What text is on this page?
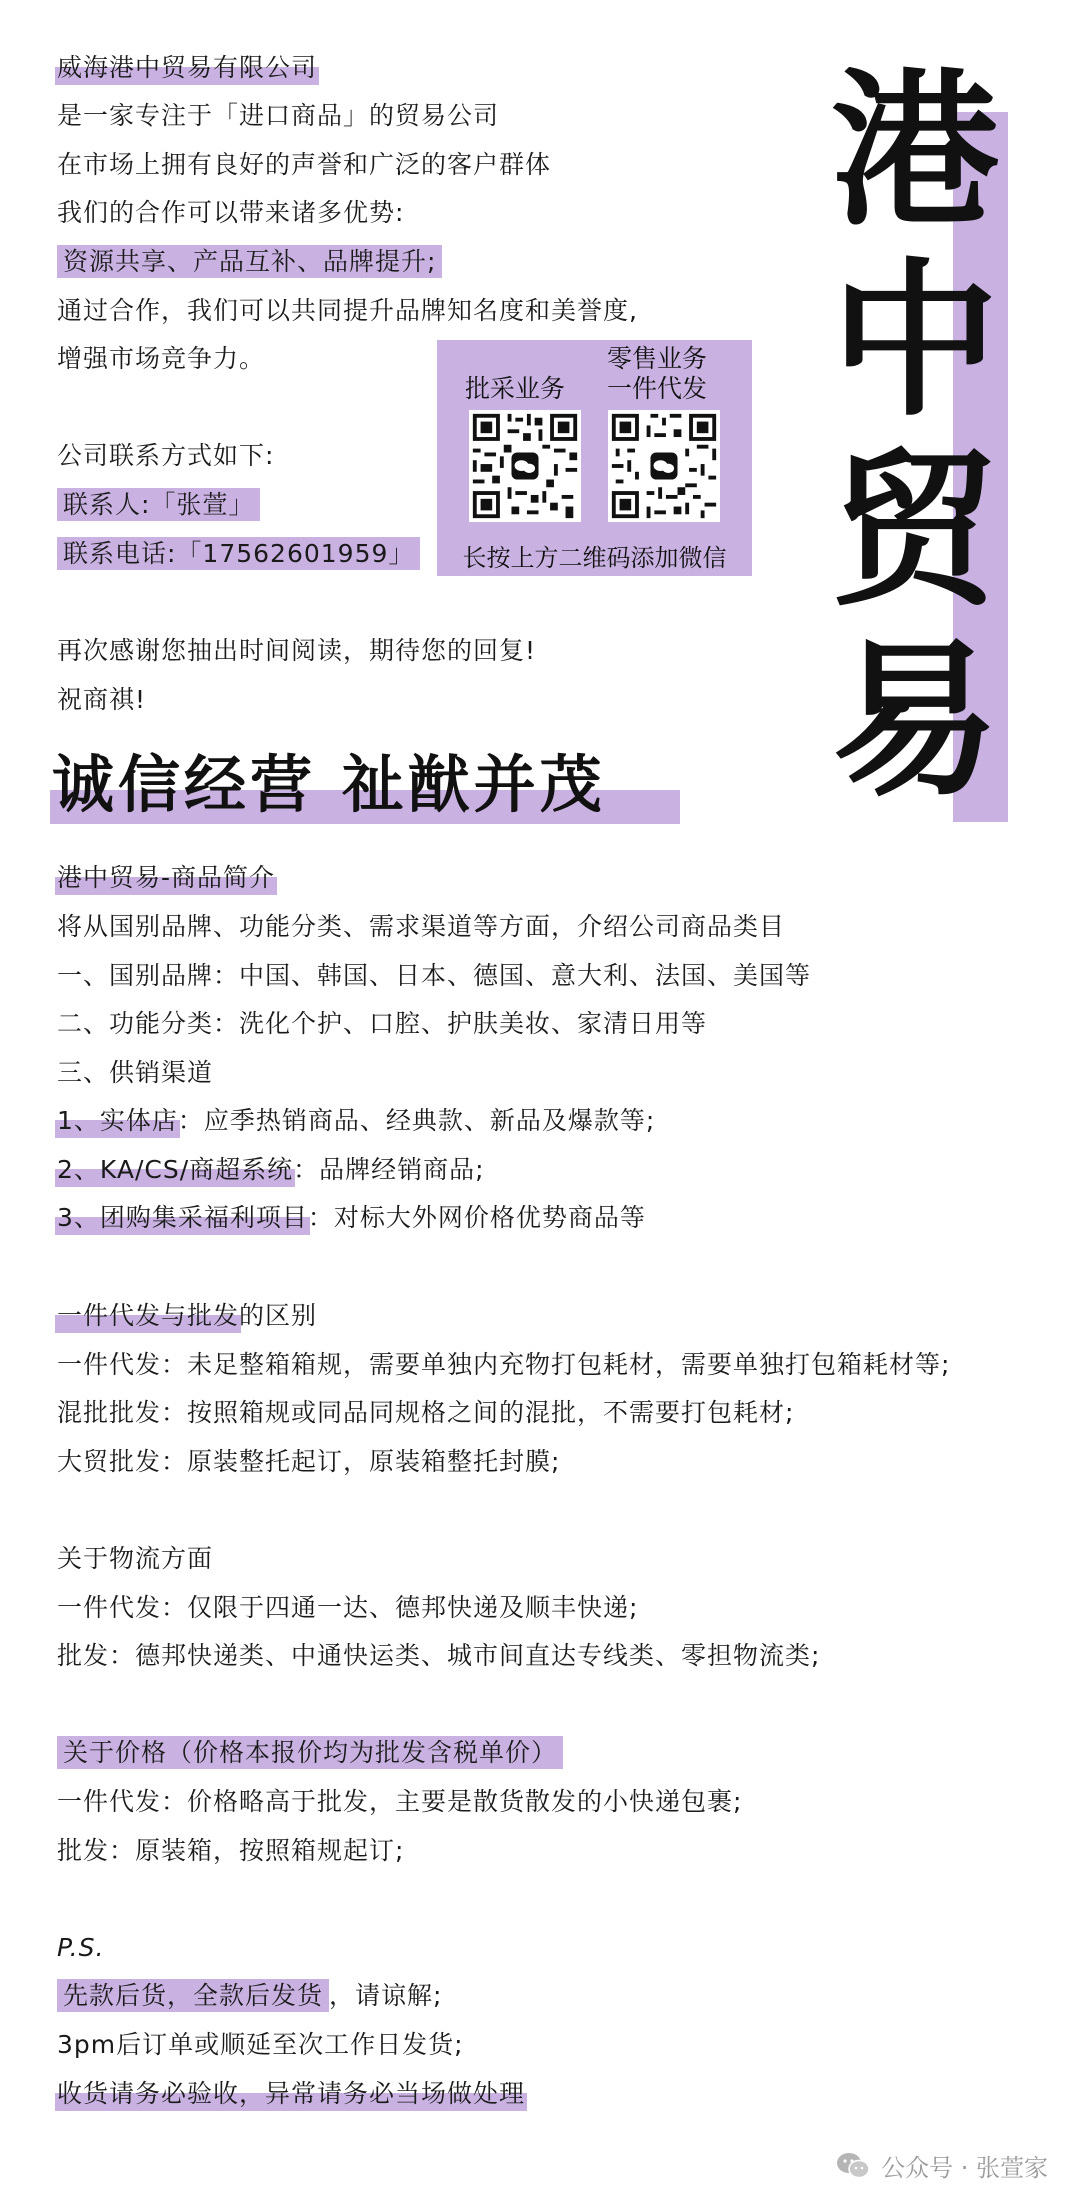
港
中
贸
易
威海港中贸易有限公司
是一家专注于「进口商品」的贸易公司
在市场上拥有良好的声誉和广泛的客户群体
我们的合作可以带来诸多优势:
资源共享、产品互补、品牌提升;
通过合作，我们可以共同提升品牌知名度和美誉度,
增强市场竞争力。
公司联系方式如下:
联系人:「张萱」
联系电话:「17562601959」
批采业务
零售业务
一件代发
长按上方二维码添加微信
再次感谢您抽出时间阅读，期待您的回复!
祝商祺!
诚信经营 祉猷并茂
港中贸易-商品简介
将从国别品牌、功能分类、需求渠道等方面，介绍公司商品类目
一、国别品牌：中国、韩国、日本、德国、意大利、法国、美国等
二、功能分类：洗化个护、口腔、护肤美妆、家清日用等
三、供销渠道
1、实体店：应季热销商品、经典款、新品及爆款等;
2、KA/CS/商超系统：品牌经销商品;
3、团购集采福利项目：对标大外网价格优势商品等
一件代发与批发的区别
一件代发：未足整箱箱规，需要单独内充物打包耗材，需要单独打包箱耗材等;
混批批发：按照箱规或同品同规格之间的混批，不需要打包耗材;
大贸批发：原装整托起订，原装箱整托封膜;
关于物流方面
一件代发：仅限于四通一达、德邦快递及顺丰快递;
批发：德邦快递类、中通快运类、城市间直达专线类、零担物流类;
关于价格（价格本报价均为批发含税单价）
一件代发：价格略高于批发，主要是散货散发的小快递包裹;
批发：原装箱，按照箱规起订;
P.S.
先款后货，全款后发货 ，请谅解;
3pm后订单或顺延至次工作日发货;
收货请务必验收，异常请务必当场做处理
公众号 · 张萱家
